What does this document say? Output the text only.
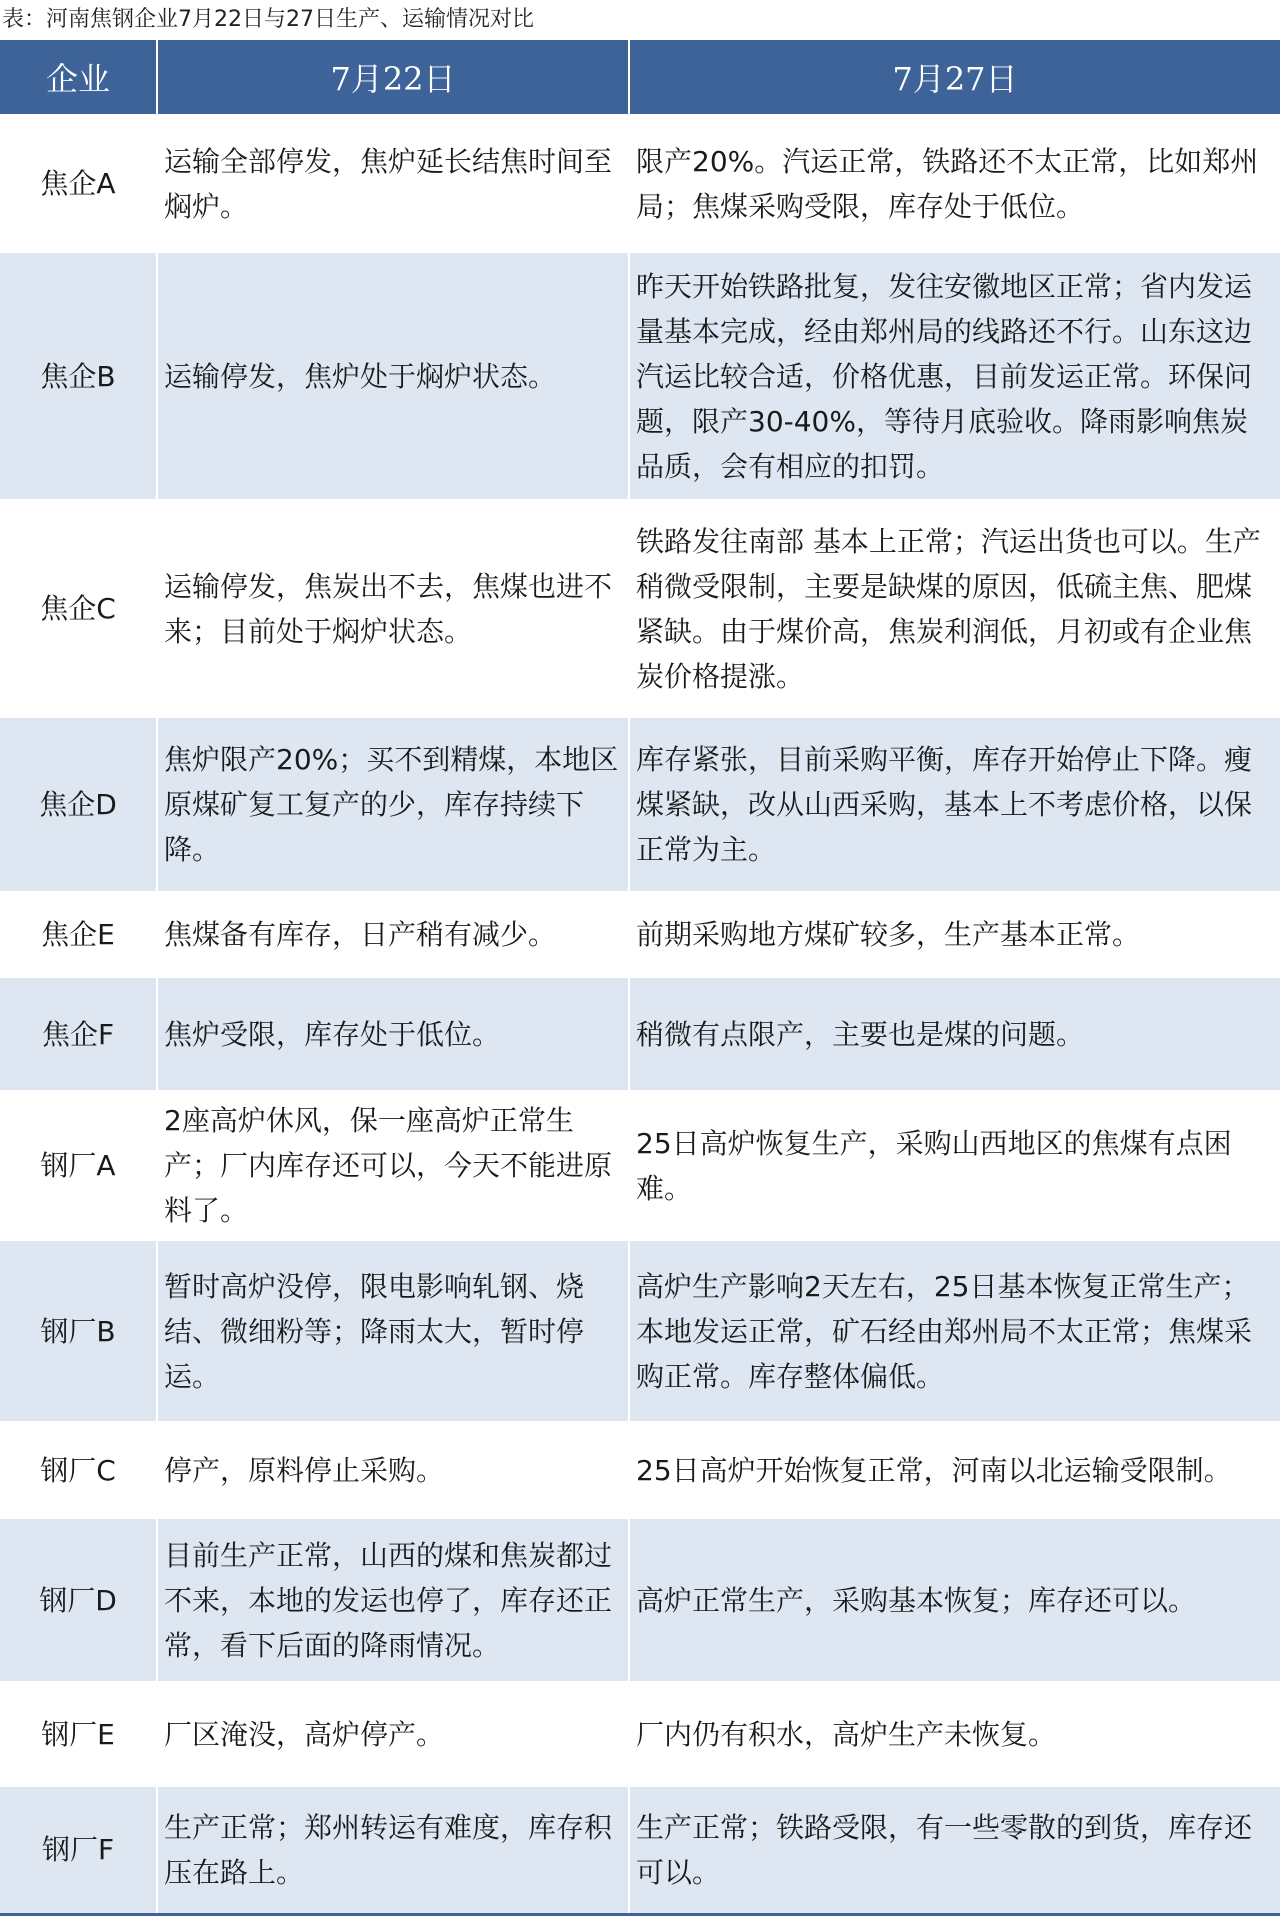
表：河南焦钢企业7月22日与27日生产、运输情况对比
企业	7月22日	7月27日
焦企A	运输全部停发，焦炉延长结焦时间至焖炉。	限产20%。汽运正常，铁路还不太正常，比如郑州局；焦煤采购受限，库存处于低位。
焦企B	运输停发，焦炉处于焖炉状态。	昨天开始铁路批复，发往安徽地区正常；省内发运量基本完成，经由郑州局的线路还不行。山东这边汽运比较合适，价格优惠，目前发运正常。环保问题，限产30-40%，等待月底验收。降雨影响焦炭品质，会有相应的扣罚。
焦企C	运输停发，焦炭出不去，焦煤也进不来；目前处于焖炉状态。	铁路发往南部 基本上正常；汽运出货也可以。生产稍微受限制，主要是缺煤的原因，低硫主焦、肥煤紧缺。由于煤价高，焦炭利润低，月初或有企业焦炭价格提涨。
焦企D	焦炉限产20%；买不到精煤，本地区原煤矿复工复产的少，库存持续下降。	库存紧张，目前采购平衡，库存开始停止下降。瘦煤紧缺，改从山西采购，基本上不考虑价格，以保正常为主。
焦企E	焦煤备有库存，日产稍有减少。	前期采购地方煤矿较多，生产基本正常。
焦企F	焦炉受限，库存处于低位。	稍微有点限产，主要也是煤的问题。
钢厂A	2座高炉休风，保一座高炉正常生产；厂内库存还可以，今天不能进原料了。	25日高炉恢复生产，采购山西地区的焦煤有点困难。
钢厂B	暂时高炉没停，限电影响轧钢、烧结、微细粉等；降雨太大，暂时停运。	高炉生产影响2天左右，25日基本恢复正常生产；本地发运正常，矿石经由郑州局不太正常；焦煤采购正常。库存整体偏低。
钢厂C	停产，原料停止采购。	25日高炉开始恢复正常，河南以北运输受限制。
钢厂D	目前生产正常，山西的煤和焦炭都过不来，本地的发运也停了，库存还正常，看下后面的降雨情况。	高炉正常生产，采购基本恢复；库存还可以。
钢厂E	厂区淹没，高炉停产。	厂内仍有积水，高炉生产未恢复。
钢厂F	生产正常；郑州转运有难度，库存积压在路上。	生产正常；铁路受限，有一些零散的到货，库存还可以。
